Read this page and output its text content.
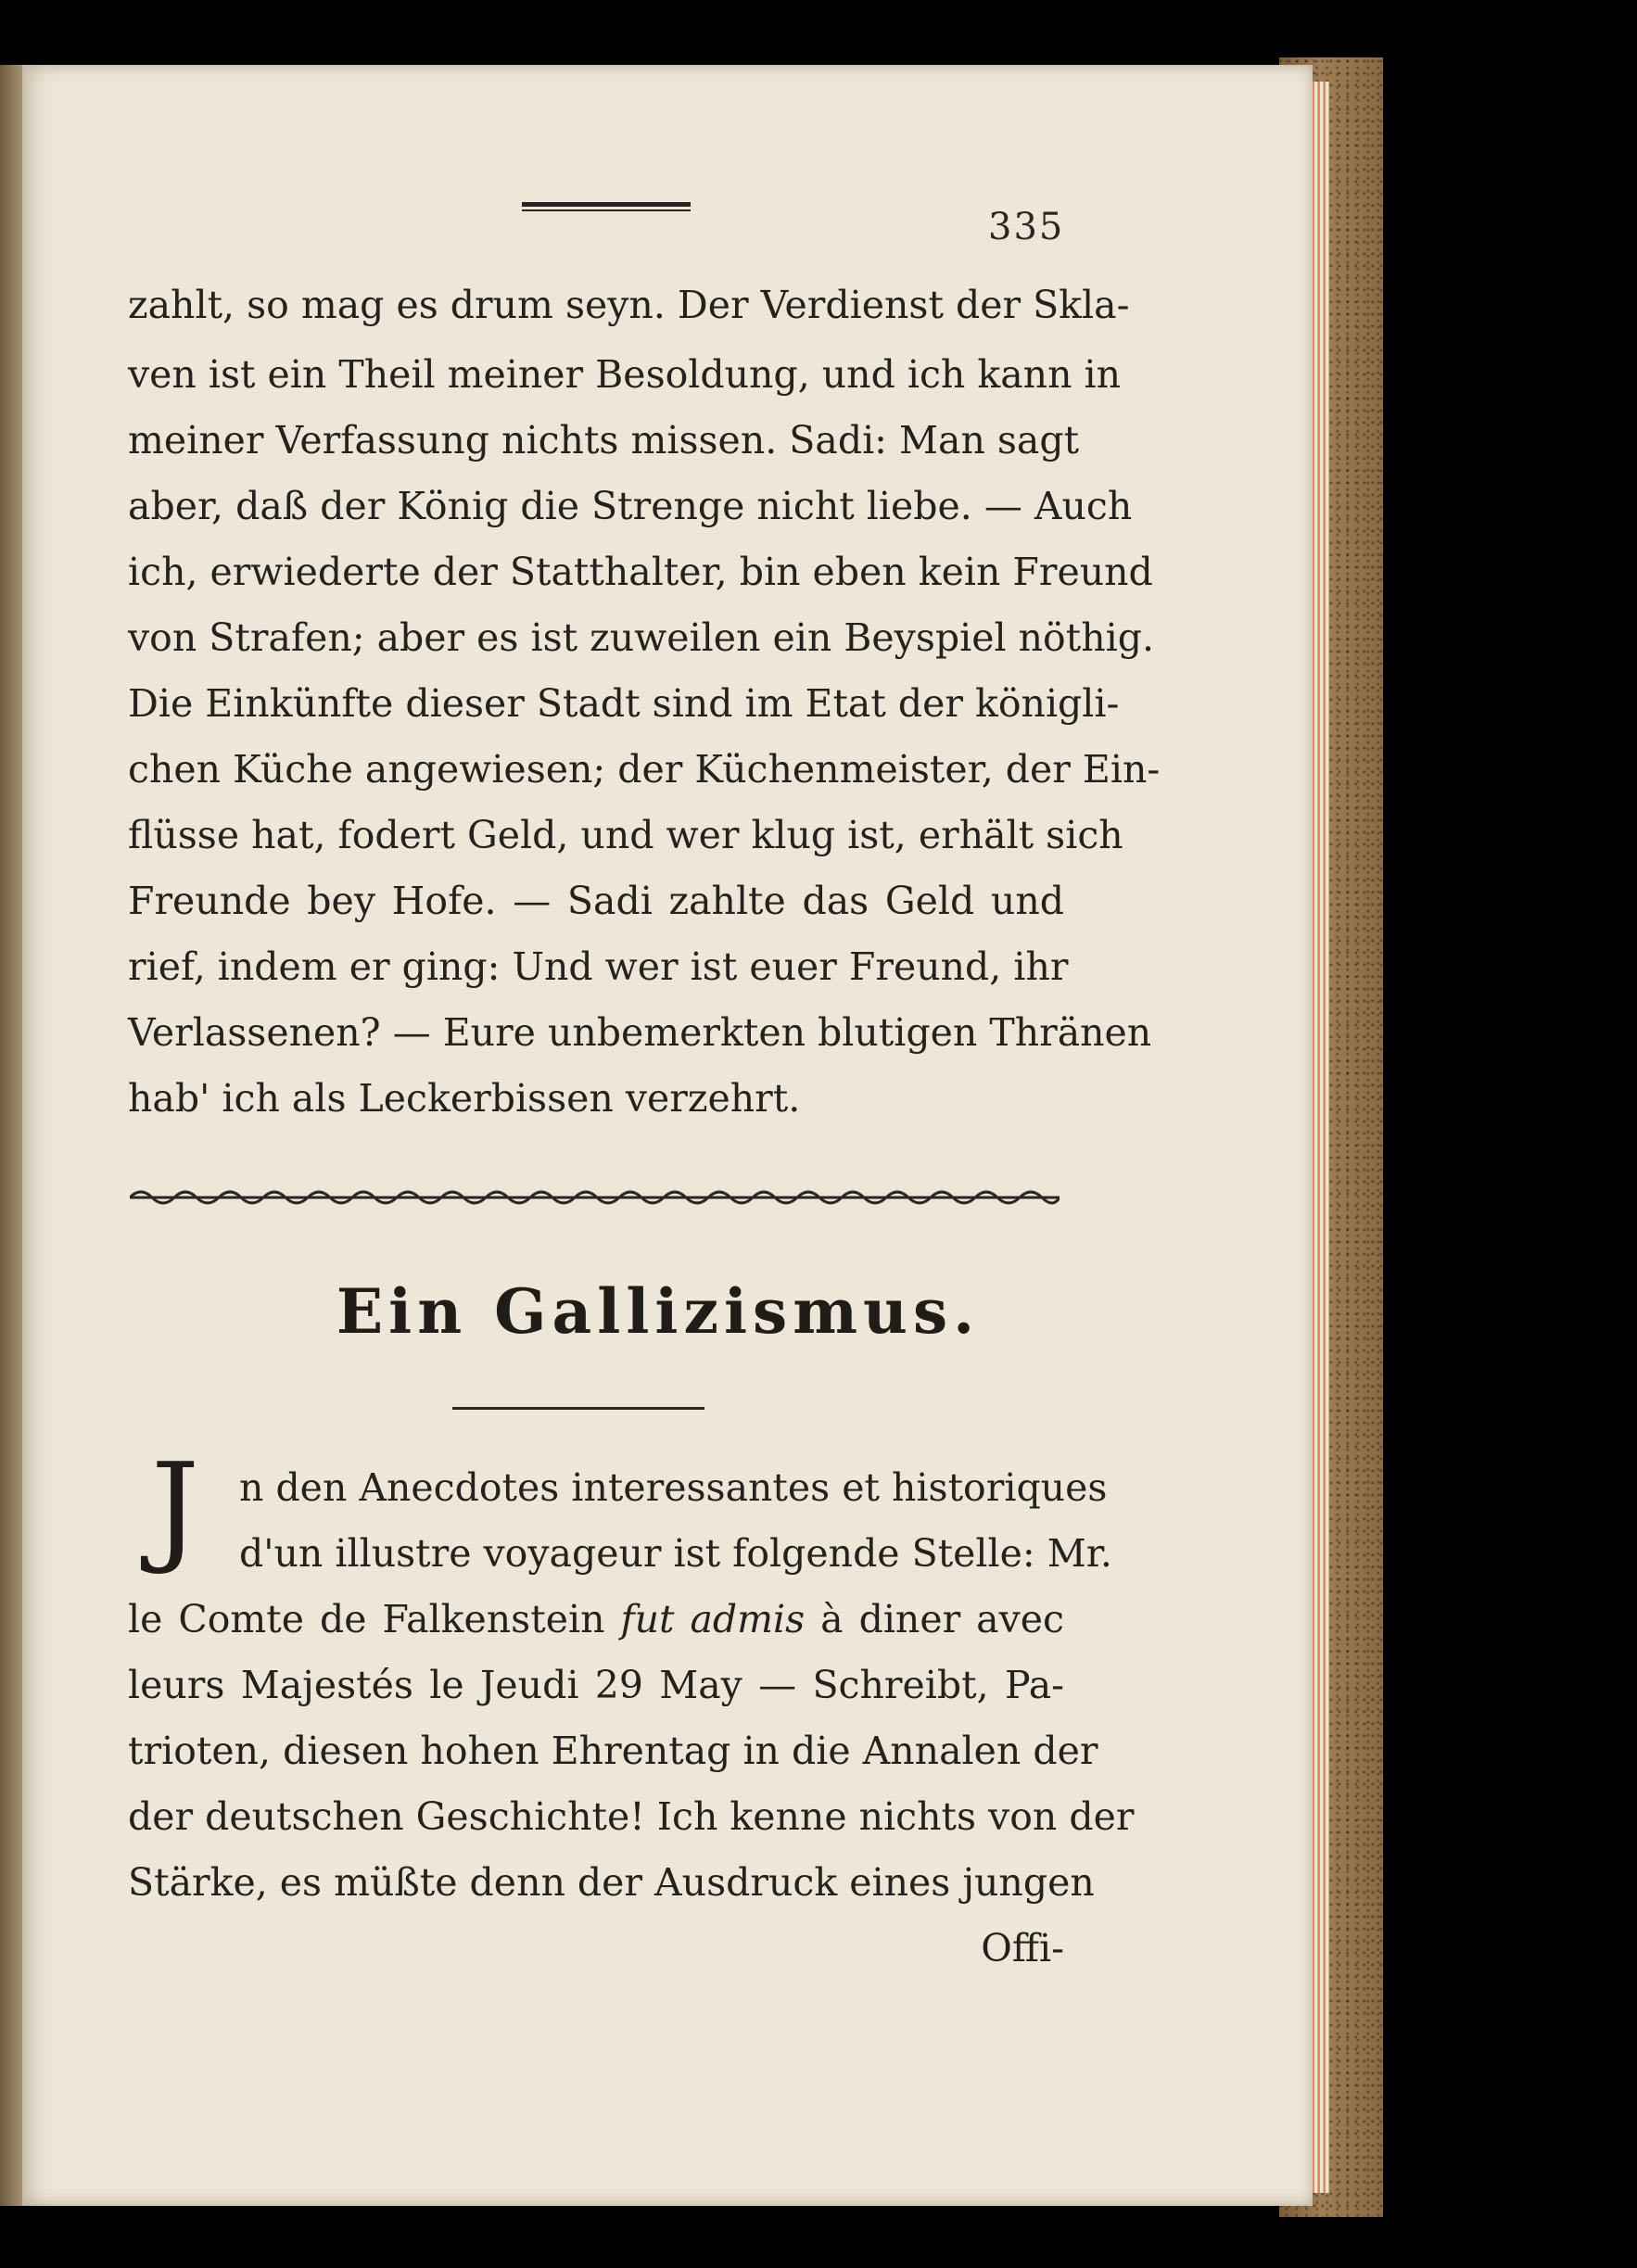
335

zahlt, so mag es drum seyn. Der Verdienst der Skla-

ven ist ein Theil meiner Besoldung, und ich kann in

meiner Verfassung nichts missen. Sadi: Man sagt

aber, daß der König die Strenge nicht liebe. — Auch

ich, erwiederte der Statthalter, bin eben kein Freund

von Strafen; aber es ist zuweilen ein Beyspiel nöthig.

Die Einkünfte dieser Stadt sind im Etat der königli-

chen Küche angewiesen; der Küchenmeister, der Ein-

flüsse hat, fodert Geld, und wer klug ist, erhält sich

Freunde bey Hofe. — Sadi zahlte das Geld und

rief, indem er ging: Und wer ist euer Freund, ihr

Verlassenen? — Eure unbemerkten blutigen Thränen

hab' ich als Leckerbissen verzehrt.

Ein Gallizismus.
J	n den Anecdotes interessantes et historiques

d'un illustre voyageur ist folgende Stelle: Mr.

le Comte de Falkenstein fut admis à diner avec

leurs Majestés le Jeudi 29 May — Schreibt, Pa-

trioten, diesen hohen Ehrentag in die Annalen der

der deutschen Geschichte! Ich kenne nichts von der

Stärke, es müßte denn der Ausdruck eines jungen

Offi-
